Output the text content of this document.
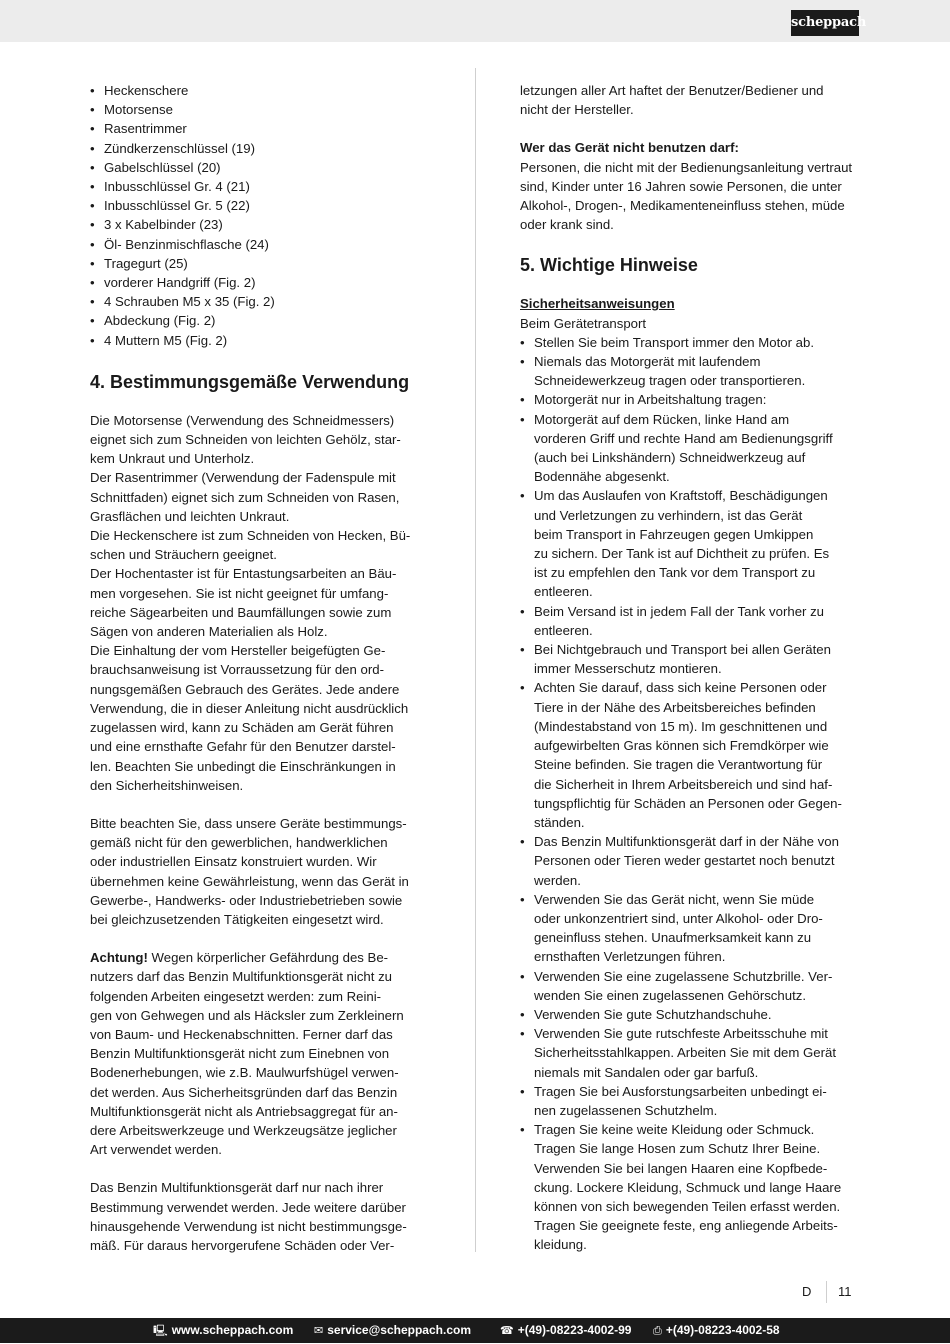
scheppach
• Heckenschere
• Motorsense
• Rasentrimmer
• Zündkerzenschlüssel (19)
• Gabelschlüssel (20)
• Inbusschlüssel Gr. 4 (21)
• Inbusschlüssel Gr. 5 (22)
• 3 x Kabelbinder (23)
• Öl- Benzinmischflasche (24)
• Tragegurt (25)
• vorderer Handgriff (Fig. 2)
• 4 Schrauben M5 x 35 (Fig. 2)
• Abdeckung (Fig. 2)
• 4 Muttern M5 (Fig. 2)
4. Bestimmungsgemäße Verwendung

Die Motorsense (Verwendung des Schneidmessers)

eignet sich zum Schneiden von leichten Gehölz, star-

kem Unkraut und Unterholz.

Der Rasentrimmer (Verwendung der Fadenspule mit

Schnittfaden) eignet sich zum Schneiden von Rasen,

Grasflächen und leichten Unkraut.

Die Heckenschere ist zum Schneiden von Hecken, Bü-

schen und Sträuchern geeignet.

Der Hochentaster ist für Entastungsarbeiten an Bäu-

men vorgesehen. Sie ist nicht geeignet für umfang-

reiche Sägearbeiten und Baumfällungen sowie zum

Sägen von anderen Materialien als Holz.

Die Einhaltung der vom Hersteller beigefügten Ge-

brauchsanweisung ist Vorraussetzung für den ord-

nungsgemäßen Gebrauch des Gerätes. Jede andere

Verwendung, die in dieser Anleitung nicht ausdrücklich

zugelassen wird, kann zu Schäden am Gerät führen

und eine ernsthafte Gefahr für den Benutzer darstel-

len. Beachten Sie unbedingt die Einschränkungen in

den Sicherheitshinweisen.

Bitte beachten Sie, dass unsere Geräte bestimmungs-

gemäß nicht für den gewerblichen, handwerklichen

oder industriellen Einsatz konstruiert wurden. Wir

übernehmen keine Gewährleistung, wenn das Gerät in

Gewerbe-, Handwerks- oder Industriebetrieben sowie

bei gleichzusetzenden Tätigkeiten eingesetzt wird.

Achtung! Wegen körperlicher Gefährdung des Be-

nutzers darf das Benzin Multifunktionsgerät nicht zu

folgenden Arbeiten eingesetzt werden: zum Reini-

gen von Gehwegen und als Häcksler zum Zerkleinern

von Baum- und Heckenabschnitten. Ferner darf das

Benzin Multifunktionsgerät nicht zum Einebnen von

Bodenerhebungen, wie z.B. Maulwurfshügel verwen-

det werden. Aus Sicherheitsgründen darf das Benzin

Multifunktionsgerät nicht als Antriebsaggregat für an-

dere Arbeitswerkzeuge und Werkzeugsätze jeglicher

Art verwendet werden.

Das Benzin Multifunktionsgerät darf nur nach ihrer

Bestimmung verwendet werden. Jede weitere darüber

hinausgehende Verwendung ist nicht bestimmungsge-

mäß. Für daraus hervorgerufene Schäden oder Ver-

letzungen aller Art haftet der Benutzer/Bediener und

nicht der Hersteller.

Wer das Gerät nicht benutzen darf:

Personen, die nicht mit der Bedienungsanleitung vertraut

sind, Kinder unter 16 Jahren sowie Personen, die unter

Alkohol-, Drogen-, Medikamenteneinfluss stehen, müde

oder krank sind.

5. Wichtige Hinweise

Sicherheitsanweisungen

Beim Gerätetransport

• Stellen Sie beim Transport immer den Motor ab.
• Niemals das Motorgerät mit laufendem
Schneidewerkzeug tragen oder transportieren.
• Motorgerät nur in Arbeitshaltung tragen:
• Motorgerät auf dem Rücken, linke Hand am
vorderen Griff und rechte Hand am Bedienungsgriff
(auch bei Linkshändern) Schneidwerkzeug auf
Bodennähe abgesenkt.
• Um das Auslaufen von Kraftstoff, Beschädigungen
und Verletzungen zu verhindern, ist das Gerät
beim Transport in Fahrzeugen gegen Umkippen
zu sichern. Der Tank ist auf Dichtheit zu prüfen. Es
ist zu empfehlen den Tank vor dem Transport zu
entleeren.
• Beim Versand ist in jedem Fall der Tank vorher zu
entleeren.
• Bei Nichtgebrauch und Transport bei allen Geräten
immer Messerschutz montieren.
• Achten Sie darauf, dass sich keine Personen oder
Tiere in der Nähe des Arbeitsbereiches befinden
(Mindestabstand von 15 m). Im geschnittenen und
aufgewirbelten Gras können sich Fremdkörper wie
Steine befinden. Sie tragen die Verantwortung für
die Sicherheit in Ihrem Arbeitsbereich und sind haf-
tungspflichtig für Schäden an Personen oder Gegen-
ständen.
• Das Benzin Multifunktionsgerät darf in der Nähe von
Personen oder Tieren weder gestartet noch benutzt
werden.
• Verwenden Sie das Gerät nicht, wenn Sie müde
oder unkonzentriert sind, unter Alkohol- oder Dro-
geneinfluss stehen. Unaufmerksamkeit kann zu
ernsthaften Verletzungen führen.
• Verwenden Sie eine zugelassene Schutzbrille. Ver-
wenden Sie einen zugelassenen Gehörschutz.
• Verwenden Sie gute Schutzhandschuhe.
• Verwenden Sie gute rutschfeste Arbeitsschuhe mit
Sicherheitsstahlkappen. Arbeiten Sie mit dem Gerät
niemals mit Sandalen oder gar barfuß.
• Tragen Sie bei Ausforstungsarbeiten unbedingt ei-
nen zugelassenen Schutzhelm.
• Tragen Sie keine weite Kleidung oder Schmuck.
Tragen Sie lange Hosen zum Schutz Ihrer Beine.
Verwenden Sie bei langen Haaren eine Kopfbede-
ckung. Lockere Kleidung, Schmuck und lange Haare
können von sich bewegenden Teilen erfasst werden.
Tragen Sie geeignete feste, eng anliegende Arbeits-
kleidung.
D 11
🖳 www.scheppach.com ✉ service@scheppach.com	☎ +(49)-08223-4002-99 ⎙ +(49)-08223-4002-58
